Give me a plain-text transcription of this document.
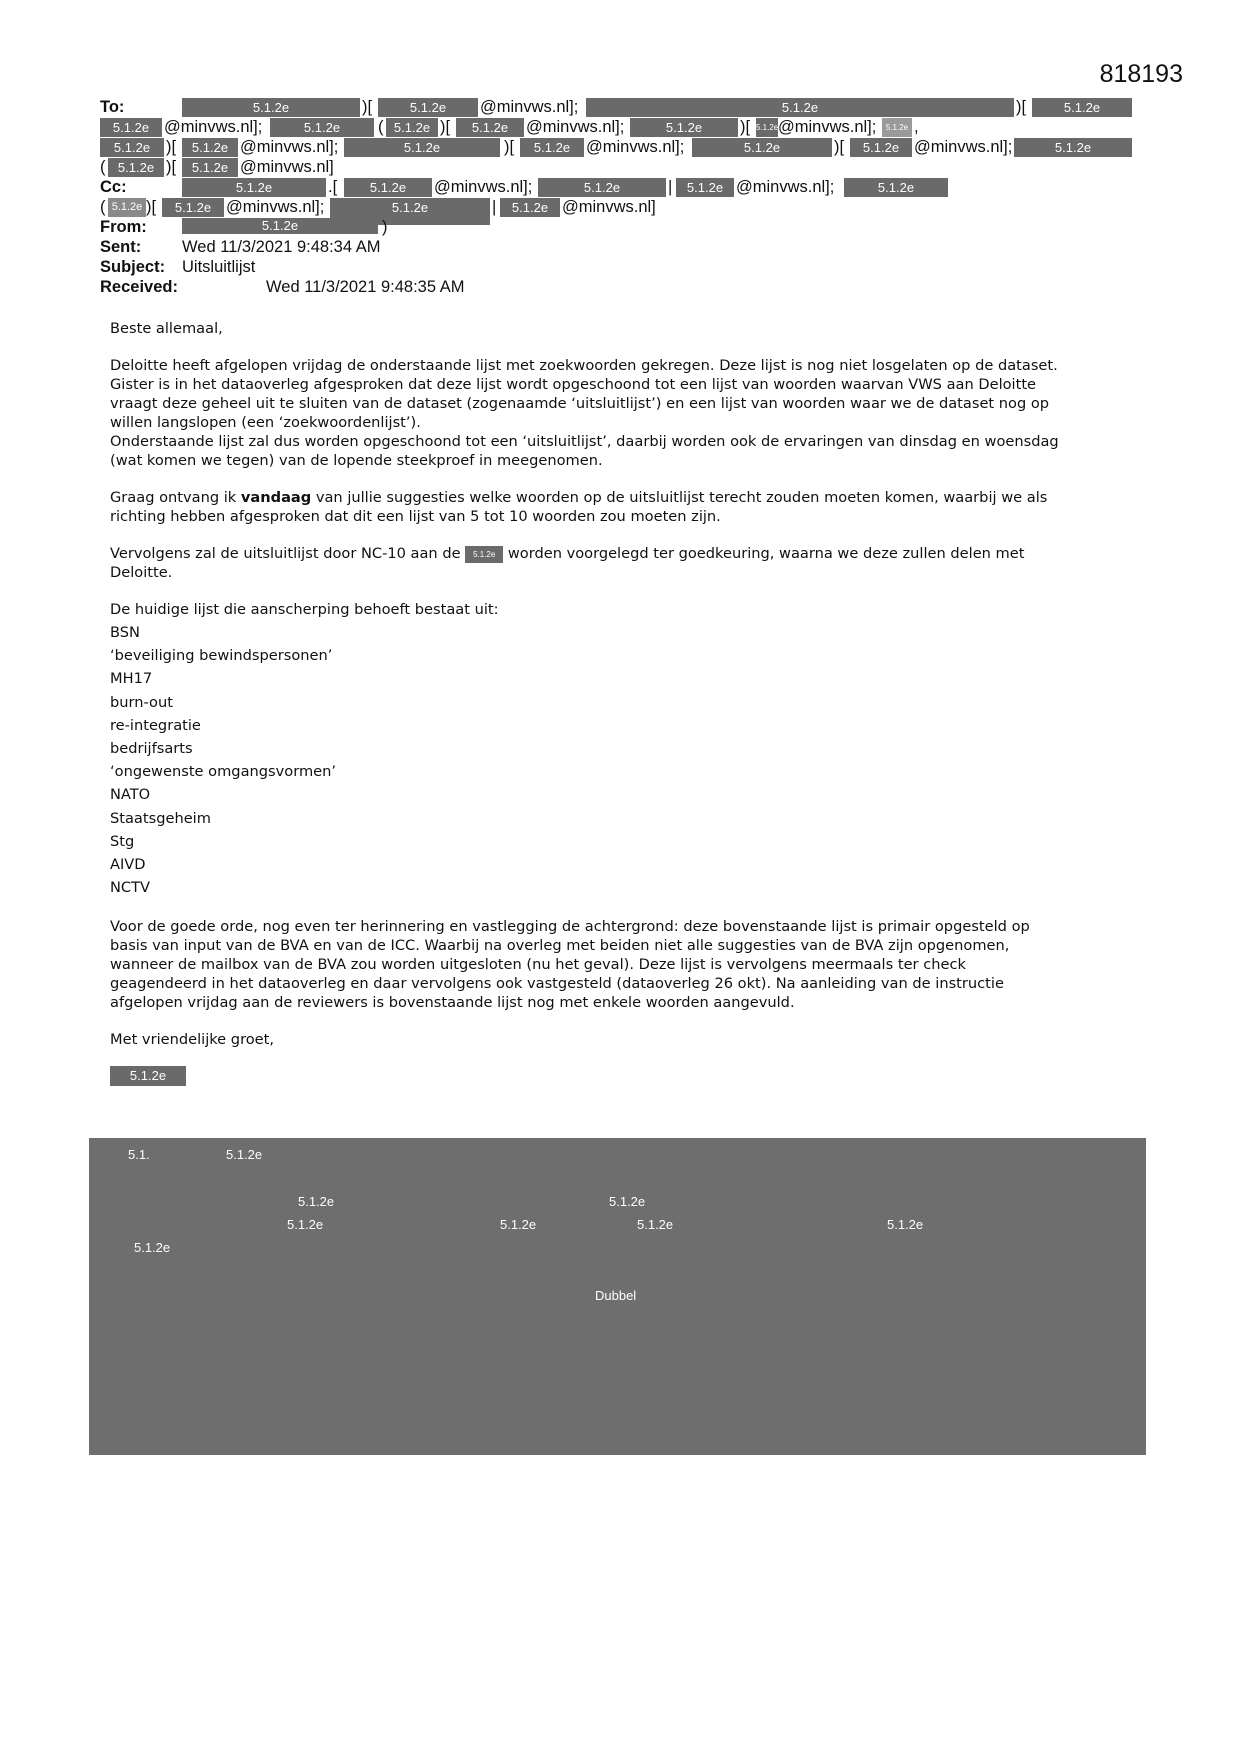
818193
To:	5.1.2e	)[	5.1.2e	@minvws.nl];	5.1.2e	)[	5.1.2e
5.1.2e @minvws.nl];	5.1.2e	( 5.1.2e )[	5.1.2e	@minvws.nl];	5.1.2e	)[ 5.1.2e @minvws.nl];	5.1.2e ,
5.1.2e )[	5.1.2e @minvws.nl];	5.1.2e	)[	5.1.2e @minvws.nl];	5.1.2e	)[	5.1.2e @minvws.nl];	5.1.2e
( 5.1.2e )[	5.1.2e @minvws.nl]
Cc:	5.1.2e	.[	5.1.2e	@minvws.nl];	5.1.2e	|	5.1.2e @minvws.nl];	5.1.2e
( 5.1.2e )[	5.1.2e @minvws.nl];	5.1.2e	|	5.1.2e @minvws.nl]
From:	5.1.2e	)
Sent: Wed 11/3/2021 9:48:34 AM
Subject: Uitsluitlijst
Received:	Wed 11/3/2021 9:48:35 AM

Beste allemaal,

Deloitte heeft afgelopen vrijdag de onderstaande lijst met zoekwoorden gekregen. Deze lijst is nog niet losgelaten op de dataset.
Gister is in het dataoverleg afgesproken dat deze lijst wordt opgeschoond tot een lijst van woorden waarvan VWS aan Deloitte
vraagt deze geheel uit te sluiten van de dataset (zogenaamde ‘uitsluitlijst’) en een lijst van woorden waar we de dataset nog op
willen langslopen (een ‘zoekwoordenlijst’).
Onderstaande lijst zal dus worden opgeschoond tot een ‘uitsluitlijst’, daarbij worden ook de ervaringen van dinsdag en woensdag
(wat komen we tegen) van de lopende steekproef in meegenomen.

Graag ontvang ik vandaag van jullie suggesties welke woorden op de uitsluitlijst terecht zouden moeten komen, waarbij we als
richting hebben afgesproken dat dit een lijst van 5 tot 10 woorden zou moeten zijn.

Vervolgens zal de uitsluitlijst door NC-10 aan de 5.1.2e worden voorgelegd ter goedkeuring, waarna we deze zullen delen met
Deloitte.

De huidige lijst die aanscherping behoeft bestaat uit:
BSN
‘beveiliging bewindspersonen’
MH17
burn-out
re-integratie
bedrijfsarts
‘ongewenste omgangsvormen’
NATO
Staatsgeheim
Stg
AIVD
NCTV

Voor de goede orde, nog even ter herinnering en vastlegging de achtergrond: deze bovenstaande lijst is primair opgesteld op
basis van input van de BVA en van de ICC. Waarbij na overleg met beiden niet alle suggesties van de BVA zijn opgenomen,
wanneer de mailbox van de BVA zou worden uitgesloten (nu het geval). Deze lijst is vervolgens meermaals ter check
geagendeerd in het dataoverleg en daar vervolgens ook vastgesteld (dataoverleg 26 okt). Na aanleiding van de instructie
afgelopen vrijdag aan de reviewers is bovenstaande lijst nog met enkele woorden aangevuld.

Met vriendelijke groet,

5.1.2e
5.1.	5.1.2e
5.1.2e	5.1.2e
5.1.2e	5.1.2e	5.1.2e	5.1.2e
5.1.2e
Dubbel
